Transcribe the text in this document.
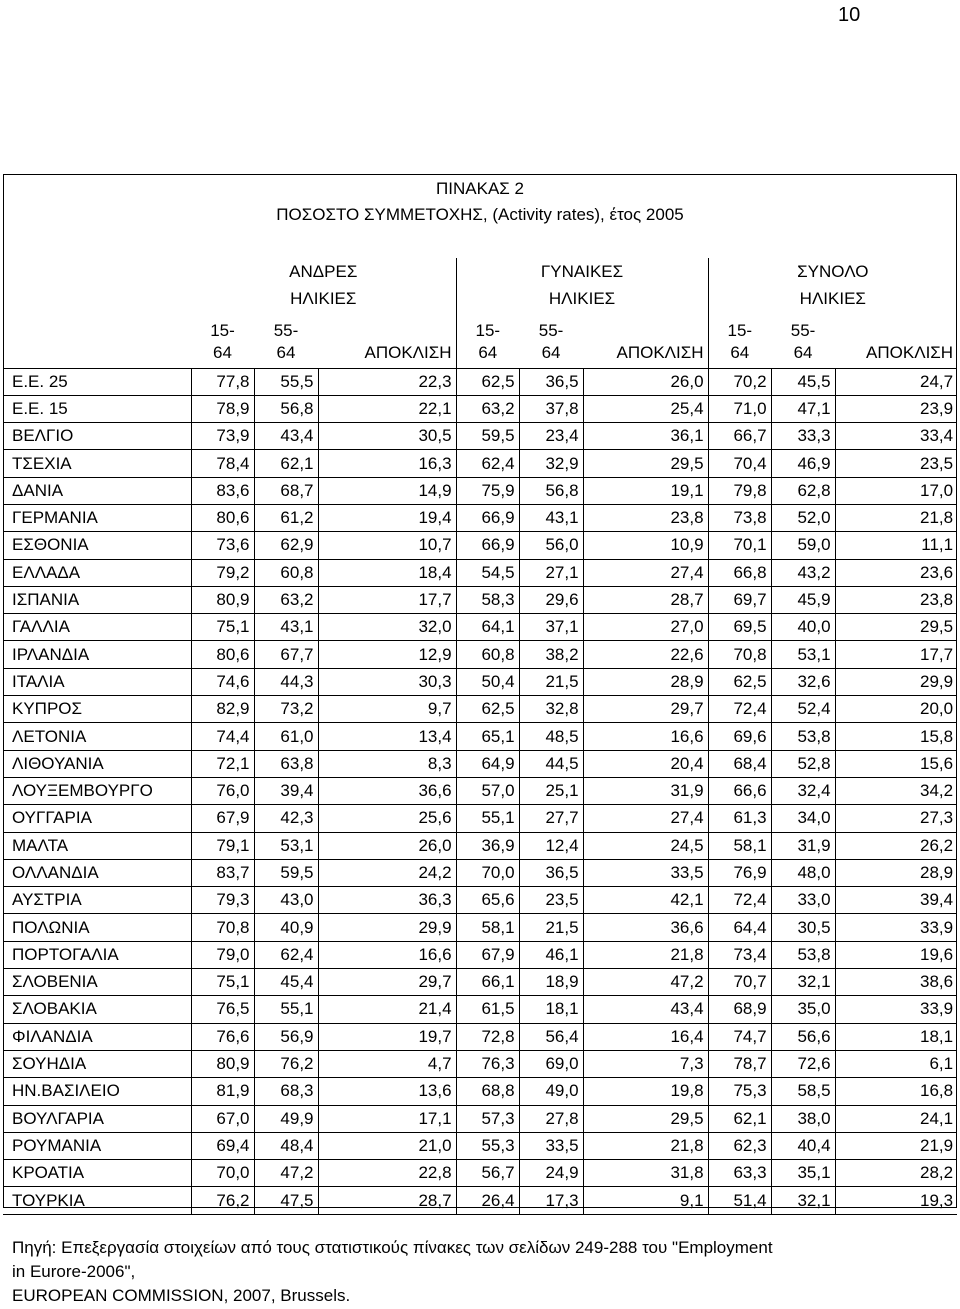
10
ΠΙΝΑΚΑΣ 2
ΠΟΣΟΣΤΟ ΣΥΜΜΕΤΟΧΗΣ, (Activity rates), έτος 2005
	ΑΝΔΡΕΣ			ΓΥΝΑΙΚΕΣ			ΣΥΝΟΛΟ		
	ΗΛΙΚΙΕΣ			ΗΛΙΚΙΕΣ			ΗΛΙΚΙΕΣ		
	15-
64	55-
64	ΑΠΟΚΛΙΣΗ	15-
64	55-
64	ΑΠΟΚΛΙΣΗ	15-
64	55-
64	ΑΠΟΚΛΙΣΗ
Ε.Ε. 25	77,8	55,5	22,3	62,5	36,5	26,0	70,2	45,5	24,7
Ε.Ε. 15	78,9	56,8	22,1	63,2	37,8	25,4	71,0	47,1	23,9
ΒΕΛΓΙΟ	73,9	43,4	30,5	59,5	23,4	36,1	66,7	33,3	33,4
ΤΣΕΧΙΑ	78,4	62,1	16,3	62,4	32,9	29,5	70,4	46,9	23,5
ΔΑΝΙΑ	83,6	68,7	14,9	75,9	56,8	19,1	79,8	62,8	17,0
ΓΕΡΜΑΝΙΑ	80,6	61,2	19,4	66,9	43,1	23,8	73,8	52,0	21,8
ΕΣΘΟΝΙΑ	73,6	62,9	10,7	66,9	56,0	10,9	70,1	59,0	11,1
ΕΛΛΑΔΑ	79,2	60,8	18,4	54,5	27,1	27,4	66,8	43,2	23,6
ΙΣΠΑΝΙΑ	80,9	63,2	17,7	58,3	29,6	28,7	69,7	45,9	23,8
ΓΑΛΛΙΑ	75,1	43,1	32,0	64,1	37,1	27,0	69,5	40,0	29,5
ΙΡΛΑΝΔΙΑ	80,6	67,7	12,9	60,8	38,2	22,6	70,8	53,1	17,7
ΙΤΑΛΙΑ	74,6	44,3	30,3	50,4	21,5	28,9	62,5	32,6	29,9
ΚΥΠΡΟΣ	82,9	73,2	9,7	62,5	32,8	29,7	72,4	52,4	20,0
ΛΕΤΟΝΙΑ	74,4	61,0	13,4	65,1	48,5	16,6	69,6	53,8	15,8
ΛΙΘΟΥΑΝΙΑ	72,1	63,8	8,3	64,9	44,5	20,4	68,4	52,8	15,6
ΛΟΥΞΕΜΒΟΥΡΓΟ	76,0	39,4	36,6	57,0	25,1	31,9	66,6	32,4	34,2
ΟΥΓΓΑΡΙΑ	67,9	42,3	25,6	55,1	27,7	27,4	61,3	34,0	27,3
ΜΑΛΤΑ	79,1	53,1	26,0	36,9	12,4	24,5	58,1	31,9	26,2
ΟΛΛΑΝΔΙΑ	83,7	59,5	24,2	70,0	36,5	33,5	76,9	48,0	28,9
ΑΥΣΤΡΙΑ	79,3	43,0	36,3	65,6	23,5	42,1	72,4	33,0	39,4
ΠΟΛΩΝΙΑ	70,8	40,9	29,9	58,1	21,5	36,6	64,4	30,5	33,9
ΠΟΡΤΟΓΑΛΙΑ	79,0	62,4	16,6	67,9	46,1	21,8	73,4	53,8	19,6
ΣΛΟΒΕΝΙΑ	75,1	45,4	29,7	66,1	18,9	47,2	70,7	32,1	38,6
ΣΛΟΒΑΚΙΑ	76,5	55,1	21,4	61,5	18,1	43,4	68,9	35,0	33,9
ΦΙΛΑΝΔΙΑ	76,6	56,9	19,7	72,8	56,4	16,4	74,7	56,6	18,1
ΣΟΥΗΔΙΑ	80,9	76,2	4,7	76,3	69,0	7,3	78,7	72,6	6,1
ΗΝ.ΒΑΣΙΛΕΙΟ	81,9	68,3	13,6	68,8	49,0	19,8	75,3	58,5	16,8
ΒΟΥΛΓΑΡΙΑ	67,0	49,9	17,1	57,3	27,8	29,5	62,1	38,0	24,1
ΡΟΥΜΑΝΙΑ	69,4	48,4	21,0	55,3	33,5	21,8	62,3	40,4	21,9
ΚΡΟΑΤΙΑ	70,0	47,2	22,8	56,7	24,9	31,8	63,3	35,1	28,2
ΤΟΥΡΚΙΑ	76,2	47,5	28,7	26,4	17,3	9,1	51,4	32,1	19,3
Πηγή: Επεξεργασία στοιχείων από τους στατιστικούς πίνακες των σελίδων 249-288 του "Employment
in Eurore-2006",
EUROPEAN COMMISSION, 2007, Brussels.
